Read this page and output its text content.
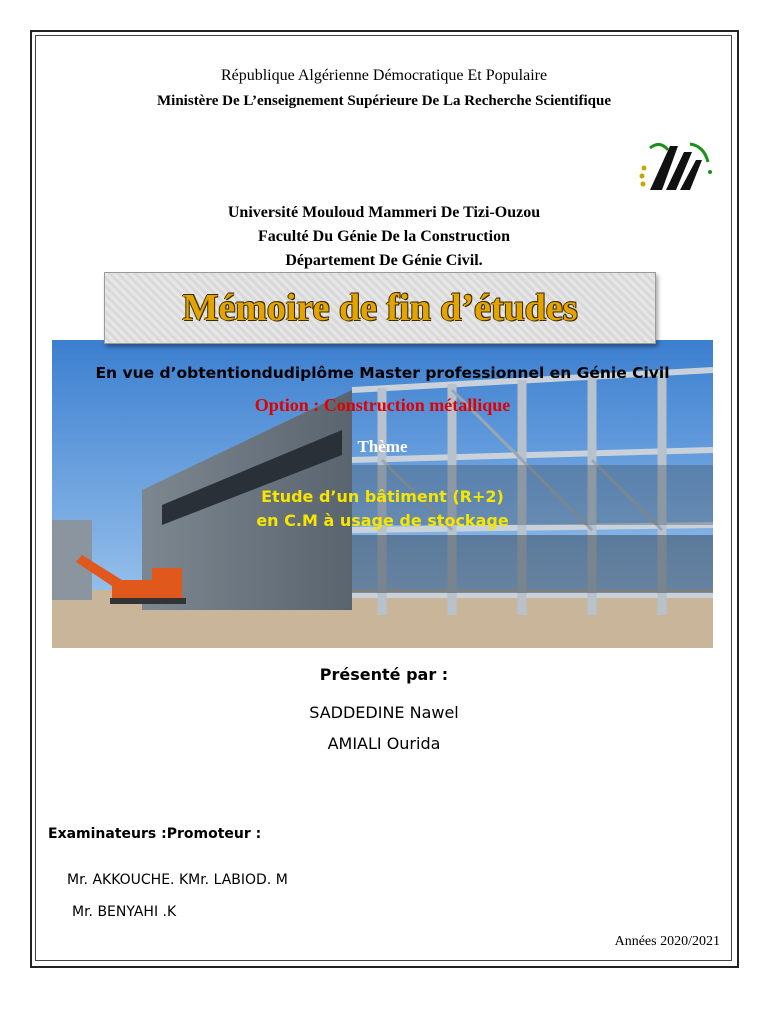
République Algérienne Démocratique Et Populaire
Ministère De L’enseignement Supérieure De La Recherche Scientifique
Université Mouloud Mammeri De Tizi-Ouzou
Faculté Du Génie De la Construction
Département De Génie Civil.
Mémoire de fin d’études
En vue d’obtentiondudiplôme Master professionnel en Génie Civil
Option : Construction métallique
Thème
Etude d’un bâtiment (R+2)
en C.M à usage de stockage
Présenté par :
SADDEDINE Nawel
AMIALI Ourida
Examinateurs :Promoteur :
Mr. AKKOUCHE. KMr. LABIOD. M
Mr. BENYAHI .K
Années 2020/2021
